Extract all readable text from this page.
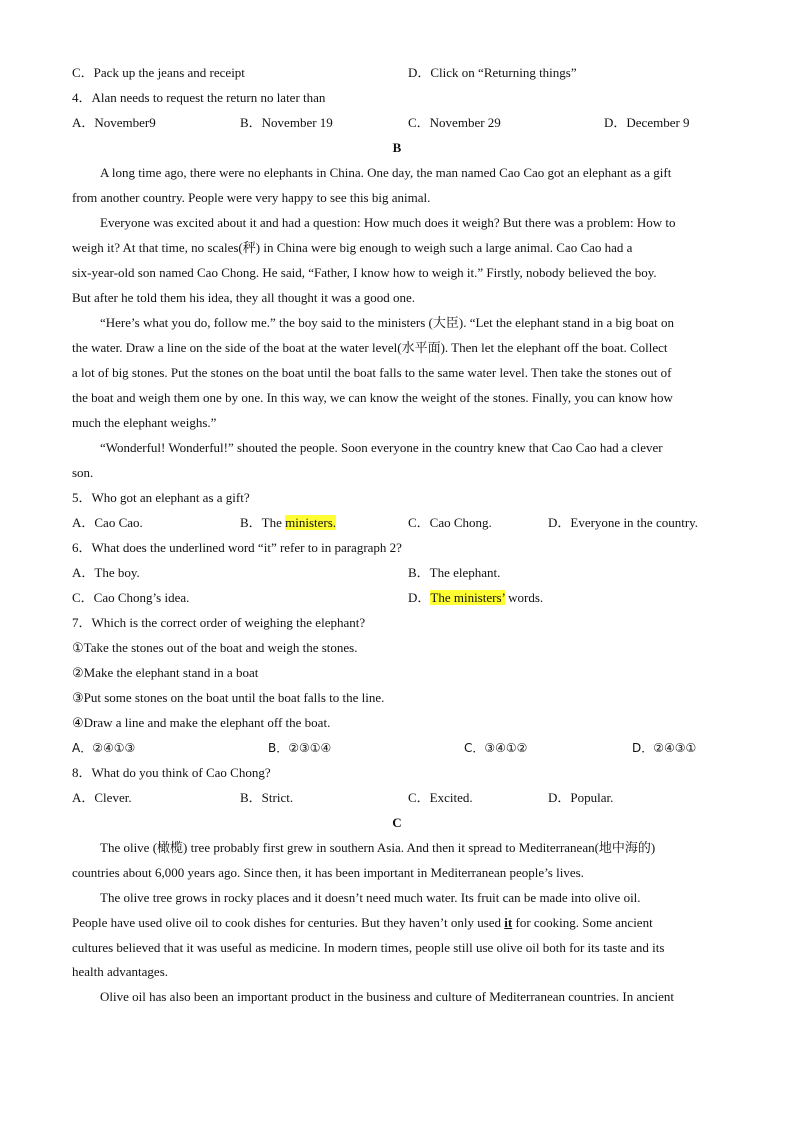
C．Pack up the jeans and receipt	D．Click on “Returning things”
4．Alan needs to request the return no later than
A．November9	B．November 19	C．November 29	D．December 9
B
A long time ago, there were no elephants in China. One day, the man named Cao Cao got an elephant as a gift
from another country. People were very happy to see this big animal.
Everyone was excited about it and had a question: How much does it weigh? But there was a problem: How to
weigh it? At that time, no scales(秤) in China were big enough to weigh such a large animal. Cao Cao had a
six-year-old son named Cao Chong. He said, “Father, I know how to weigh it.” Firstly, nobody believed the boy.
But after he told them his idea, they all thought it was a good one.
“Here’s what you do, follow me.” the boy said to the ministers (大臣). “Let the elephant stand in a big boat on
the water. Draw a line on the side of the boat at the water level(水平面). Then let the elephant off the boat. Collect
a lot of big stones. Put the stones on the boat until the boat falls to the same water level. Then take the stones out of
the boat and weigh them one by one. In this way, we can know the weight of the stones. Finally, you can know how
much the elephant weighs.”
“Wonderful! Wonderful!” shouted the people. Soon everyone in the country knew that Cao Cao had a clever
son.
5．Who got an elephant as a gift?
A．Cao Cao.	B．The ministers.	C．Cao Chong.	D．Everyone in the country.
6．What does the underlined word “it” refer to in paragraph 2?
A．The boy.	B．The elephant.
C．Cao Chong’s idea.	D．The ministers’ words.
7．Which is the correct order of weighing the elephant?
①Take the stones out of the boat and weigh the stones.
②Make the elephant stand in a boat
③Put some stones on the boat until the boat falls to the line.
④Draw a line and make the elephant off the boat.
A．②④①③	B．②③①④	C．③④①②	D．②④③①
8．What do you think of Cao Chong?
A．Clever.	B．Strict.	C．Excited.	D．Popular.
C
The olive (橄榄) tree probably first grew in southern Asia. And then it spread to Mediterranean(地中海的)
countries about 6,000 years ago. Since then, it has been important in Mediterranean people’s lives.
The olive tree grows in rocky places and it doesn’t need much water. Its fruit can be made into olive oil.
People have used olive oil to cook dishes for centuries. But they haven’t only used it for cooking. Some ancient
cultures believed that it was useful as medicine. In modern times, people still use olive oil both for its taste and its
health advantages.
Olive oil has also been an important product in the business and culture of Mediterranean countries. In ancient
